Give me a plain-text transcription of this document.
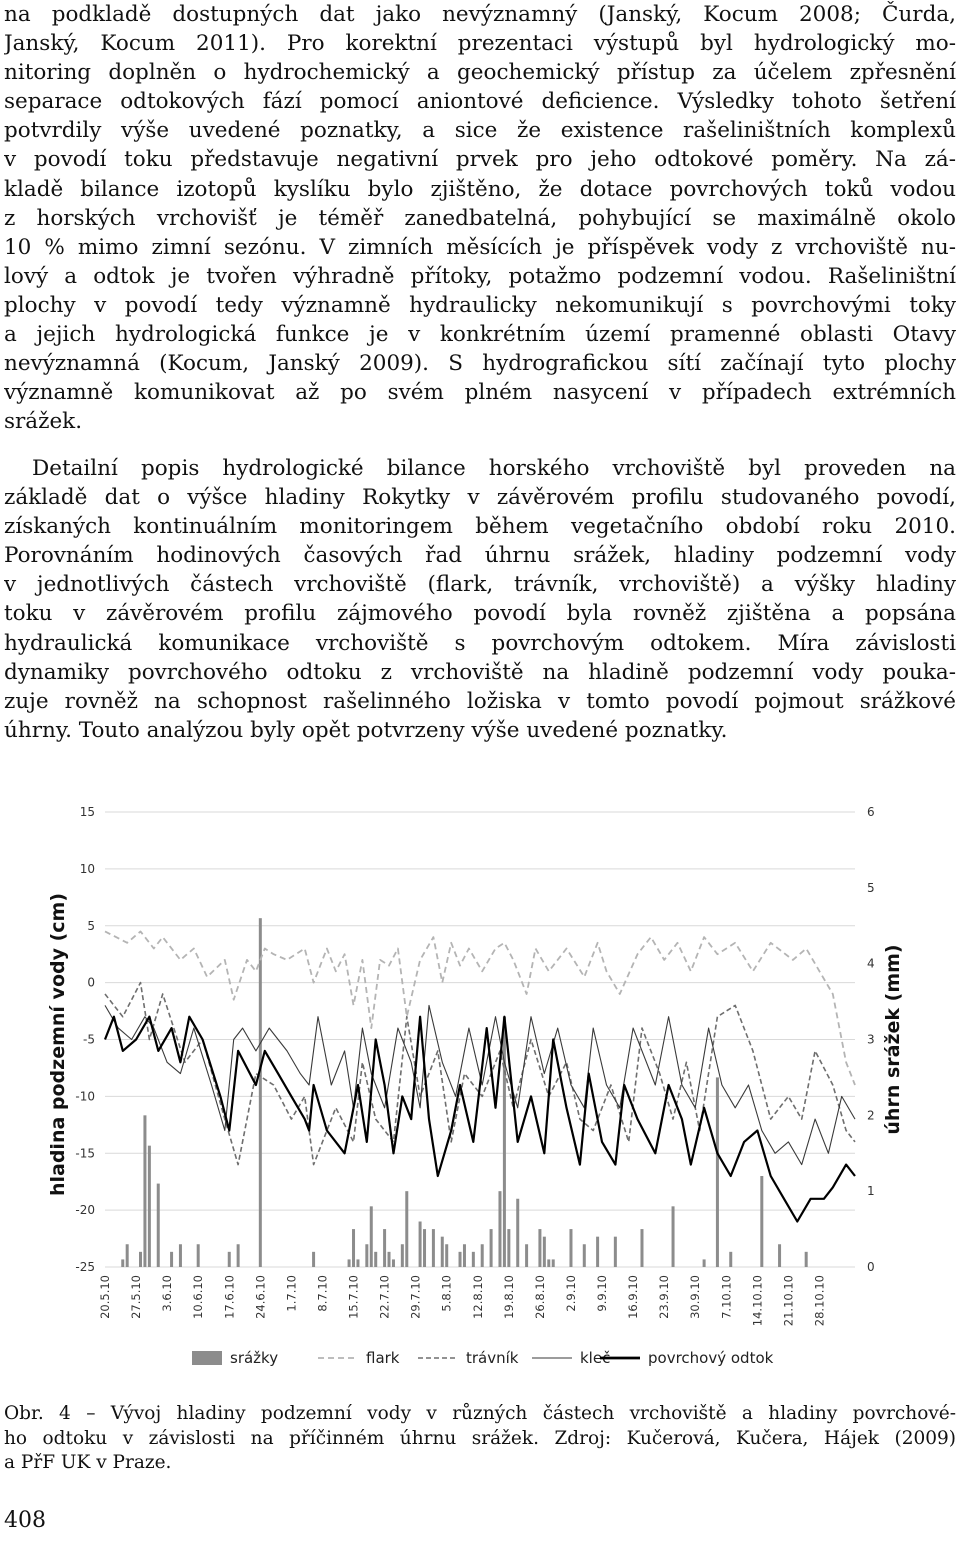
na podkladě dostupných dat jako nevýznamný (Janský, Kocum 2008; Čurda,
Janský, Kocum 2011). Pro korektní prezentaci výstupů byl hydrologický mo-
nitoring doplněn o hydrochemický a geochemický přístup za účelem zpřesnění
separace odtokových fází pomocí aniontové deficience. Výsledky tohoto šetření
potvrdily výše uvedené poznatky, a sice že existence rašeliništních komplexů
v povodí toku představuje negativní prvek pro jeho odtokové poměry. Na zá-
kladě bilance izotopů kyslíku bylo zjištěno, že dotace povrchových toků vodou
z horských vrchovišť je téměř zanedbatelná, pohybující se maximálně okolo
10 % mimo zimní sezónu. V zimních měsících je příspěvek vody z vrchoviště nu-
lový a odtok je tvořen výhradně přítoky, potažmo podzemní vodou. Rašeliništní
plochy v povodí tedy významně hydraulicky nekomunikují s povrchovými toky
a jejich hydrologická funkce je v konkrétním území pramenné oblasti Otavy
nevýznamná (Kocum, Janský 2009). S hydrografickou sítí začínají tyto plochy
významně komunikovat až po svém plném nasycení v případech extrémních
srážek.
Detailní popis hydrologické bilance horského vrchoviště byl proveden na
základě dat o výšce hladiny Rokytky v závěrovém profilu studovaného povodí,
získaných kontinuálním monitoringem během vegetačního období roku 2010.
Porovnáním hodinových časových řad úhrnu srážek, hladiny podzemní vody
v jednotlivých částech vrchoviště (flark, trávník, vrchoviště) a výšky hladiny
toku v závěrovém profilu zájmového povodí byla rovněž zjištěna a popsána
hydraulická komunikace vrchoviště s povrchovým odtokem. Míra závislosti
dynamiky povrchového odtoku z vrchoviště na hladině podzemní vody pouka-
zuje rovněž na schopnost rašelinného ložiska v tomto povodí pojmout srážkové
úhrny. Touto analýzou byly opět potvrzeny výše uvedené poznatky.
15
10
5
0
-5
-10
-15
-20
-25
6
5
4
3
2
1
0
hladina podzemní vody (cm)	úhrn srážek (mm)
20.5.10 27.5.10 3.6.10 10.6.10 17.6.10 24.6.10 1.7.10 8.7.10 15.7.10 22.7.10 29.7.10 5.8.10 12.8.10 19.8.10 26.8.10 2.9.10 9.9.10 16.9.10 23.9.10 30.9.10 7.10.10 14.10.10 21.10.10 28.10.10
srážky	flark	trávník	kleč	povrchový odtok
Obr. 4 – Vývoj hladiny podzemní vody v různých částech vrchoviště a hladiny povrchové-
ho odtoku v závislosti na příčinném úhrnu srážek. Zdroj: Kučerová, Kučera, Hájek (2009)
a PřF UK v Praze.
408
